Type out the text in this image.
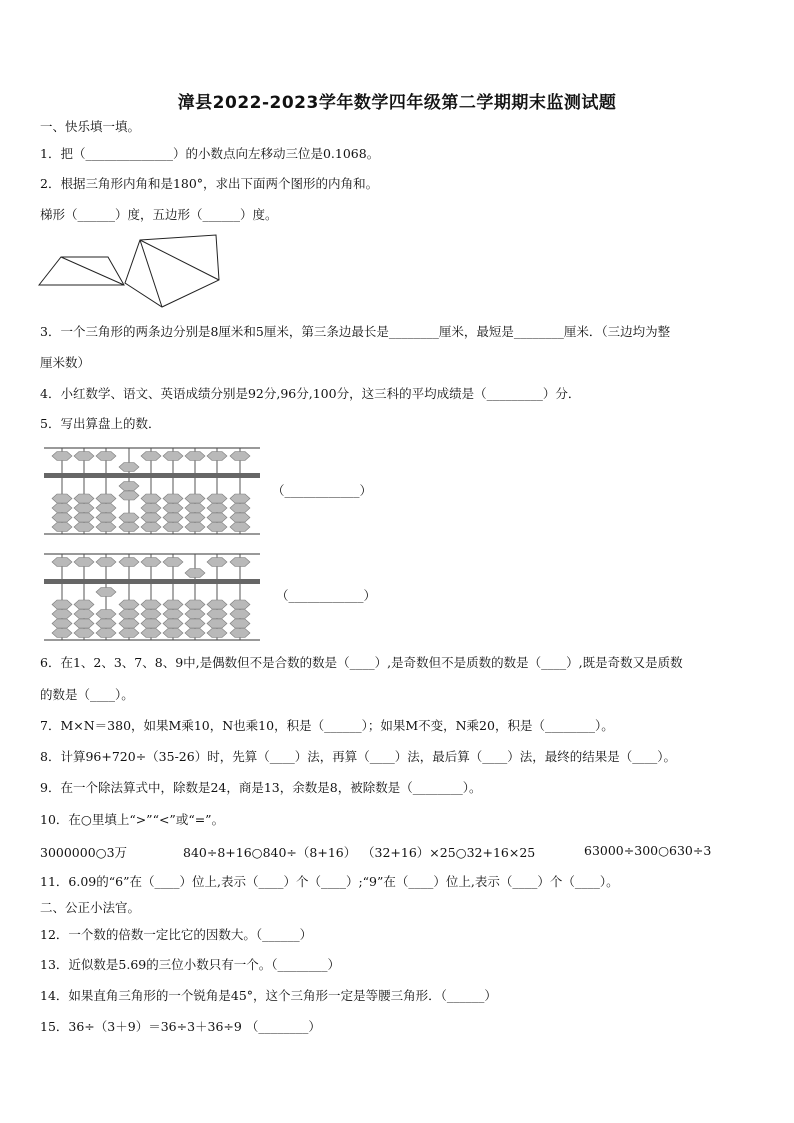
漳县2022-2023学年数学四年级第二学期期末监测试题
一、快乐填一填。
1．把（______________）的小数点向左移动三位是0.1068。
2．根据三角形内角和是180°，求出下面两个图形的内角和。
梯形（______）度，五边形（______）度。
3．一个三角形的两条边分别是8厘米和5厘米，第三条边最长是________厘米，最短是________厘米．（三边均为整
厘米数）
4．小红数学、语文、英语成绩分别是92分,96分,100分，这三科的平均成绩是（_________）分．
5．写出算盘上的数．
（____________）
（____________）
6．在1、2、3、7、8、9中,是偶数但不是合数的数是（____）,是奇数但不是质数的数是（____）,既是奇数又是质数
的数是（____）。
7．M×N＝380，如果M乘10，N也乘10，积是（______）；如果M不变，N乘20，积是（________）。
8．计算96+720÷（35-26）时，先算（____）法，再算（____）法，最后算（____）法，最终的结果是（____）。
9．在一个除法算式中，除数是24，商是13，余数是8，被除数是（________）。
10．在○里填上“>”“<”或“=”。
3000000○3万	840÷8+16○840÷（8+16） （32+16）×25○32+16×25	63000÷300○630÷3
11．6.09的“6”在（____）位上,表示（____）个（____）;“9”在（____）位上,表示（____）个（____）。
二、公正小法官。
12．一个数的倍数一定比它的因数大。（______）
13．近似数是5.69的三位小数只有一个。（________）
14．如果直角三角形的一个锐角是45°，这个三角形一定是等腰三角形．（______）
15．36÷（3＋9）＝36÷3＋36÷9 （________）
